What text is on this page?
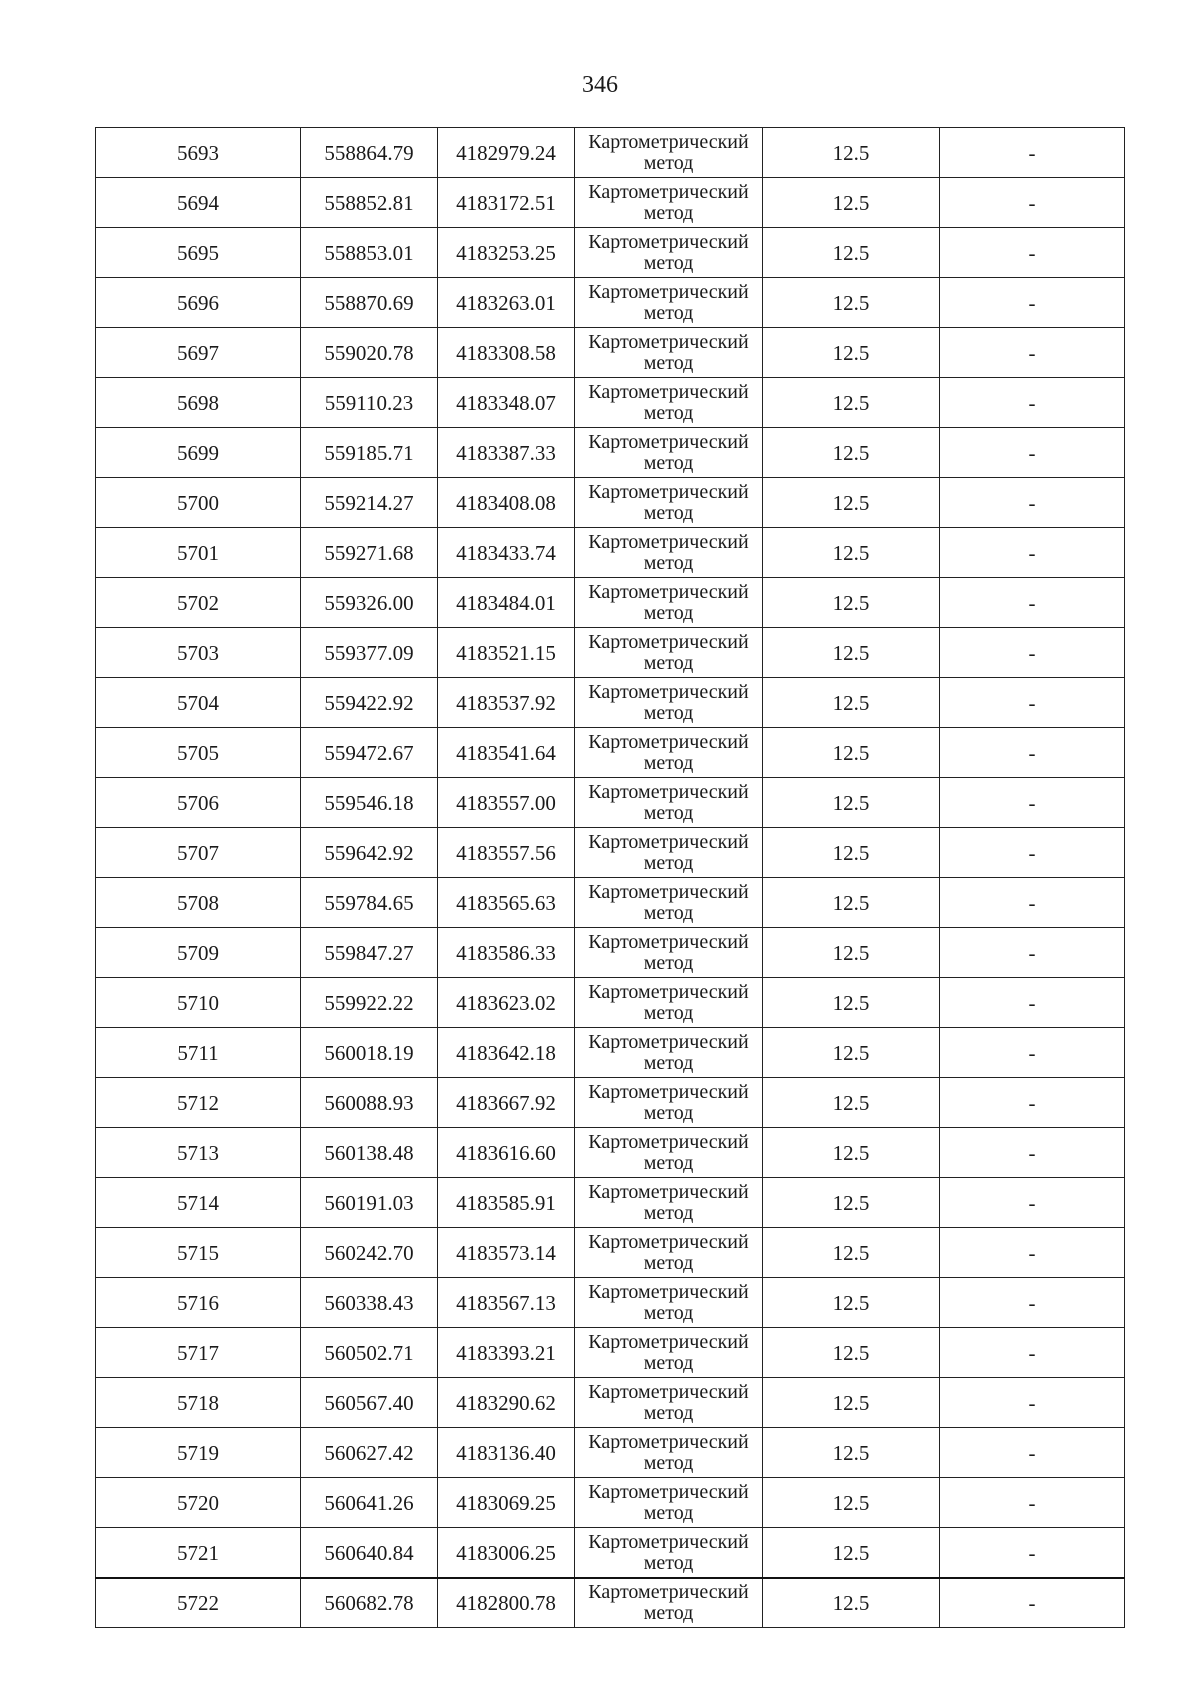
346
5693	558864.79	4182979.24	Картометрический
метод	12.5	-
5694	558852.81	4183172.51	Картометрический
метод	12.5	-
5695	558853.01	4183253.25	Картометрический
метод	12.5	-
5696	558870.69	4183263.01	Картометрический
метод	12.5	-
5697	559020.78	4183308.58	Картометрический
метод	12.5	-
5698	559110.23	4183348.07	Картометрический
метод	12.5	-
5699	559185.71	4183387.33	Картометрический
метод	12.5	-
5700	559214.27	4183408.08	Картометрический
метод	12.5	-
5701	559271.68	4183433.74	Картометрический
метод	12.5	-
5702	559326.00	4183484.01	Картометрический
метод	12.5	-
5703	559377.09	4183521.15	Картометрический
метод	12.5	-
5704	559422.92	4183537.92	Картометрический
метод	12.5	-
5705	559472.67	4183541.64	Картометрический
метод	12.5	-
5706	559546.18	4183557.00	Картометрический
метод	12.5	-
5707	559642.92	4183557.56	Картометрический
метод	12.5	-
5708	559784.65	4183565.63	Картометрический
метод	12.5	-
5709	559847.27	4183586.33	Картометрический
метод	12.5	-
5710	559922.22	4183623.02	Картометрический
метод	12.5	-
5711	560018.19	4183642.18	Картометрический
метод	12.5	-
5712	560088.93	4183667.92	Картометрический
метод	12.5	-
5713	560138.48	4183616.60	Картометрический
метод	12.5	-
5714	560191.03	4183585.91	Картометрический
метод	12.5	-
5715	560242.70	4183573.14	Картометрический
метод	12.5	-
5716	560338.43	4183567.13	Картометрический
метод	12.5	-
5717	560502.71	4183393.21	Картометрический
метод	12.5	-
5718	560567.40	4183290.62	Картометрический
метод	12.5	-
5719	560627.42	4183136.40	Картометрический
метод	12.5	-
5720	560641.26	4183069.25	Картометрический
метод	12.5	-
5721	560640.84	4183006.25	Картометрический
метод	12.5	-
5722	560682.78	4182800.78	Картометрический
метод	12.5	-
